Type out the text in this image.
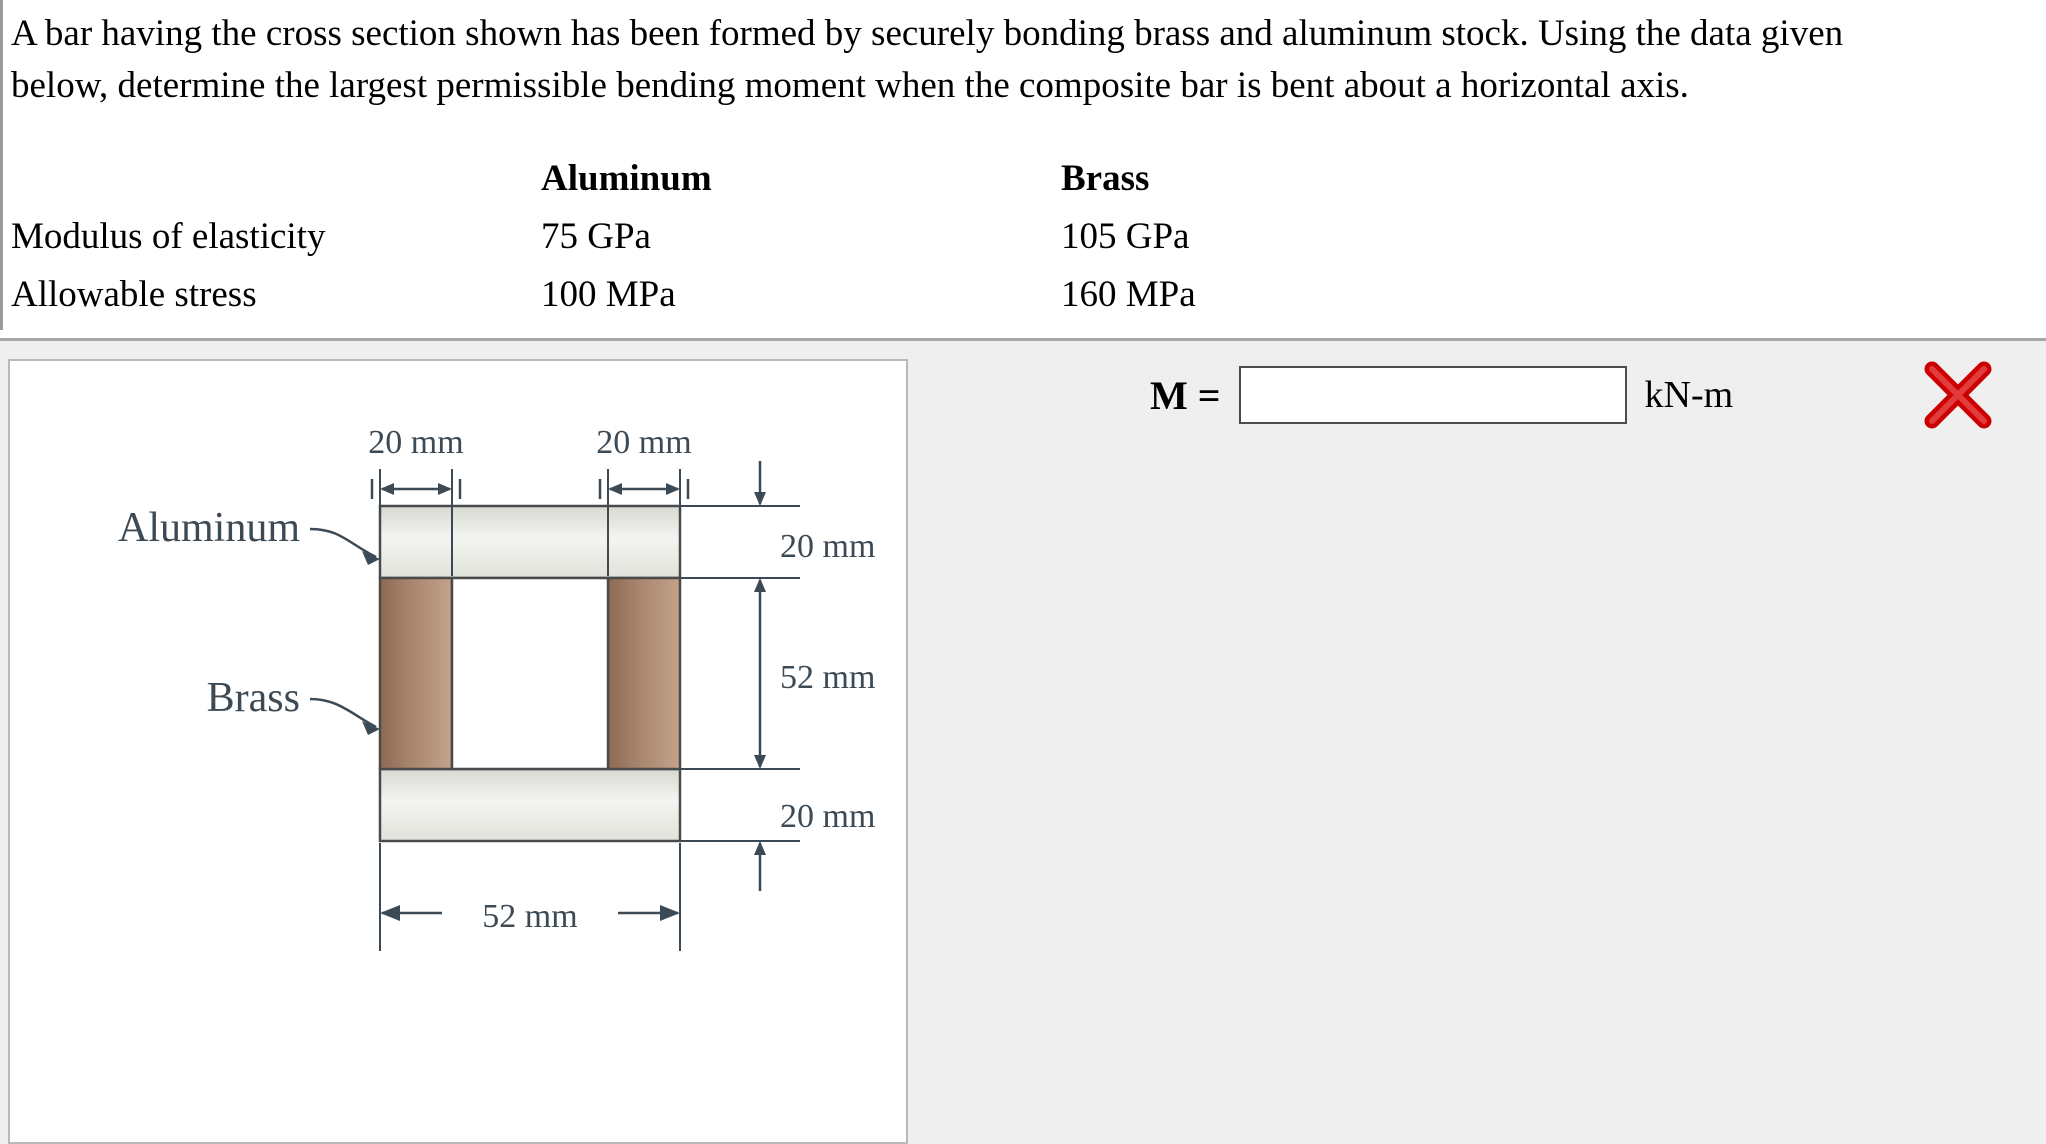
A bar having the cross section shown has been formed by securely bonding brass and aluminum stock. Using the data given
below, determine the largest permissible bending moment when the composite bar is bent about a horizontal axis.
	Aluminum	Brass
Modulus of elasticity	75 GPa	105 GPa
Allowable stress	100 MPa	160 MPa
20 mm	20 mm
20 mm
52 mm
20 mm
52 mm
Aluminum
Brass
M =	kN-m
